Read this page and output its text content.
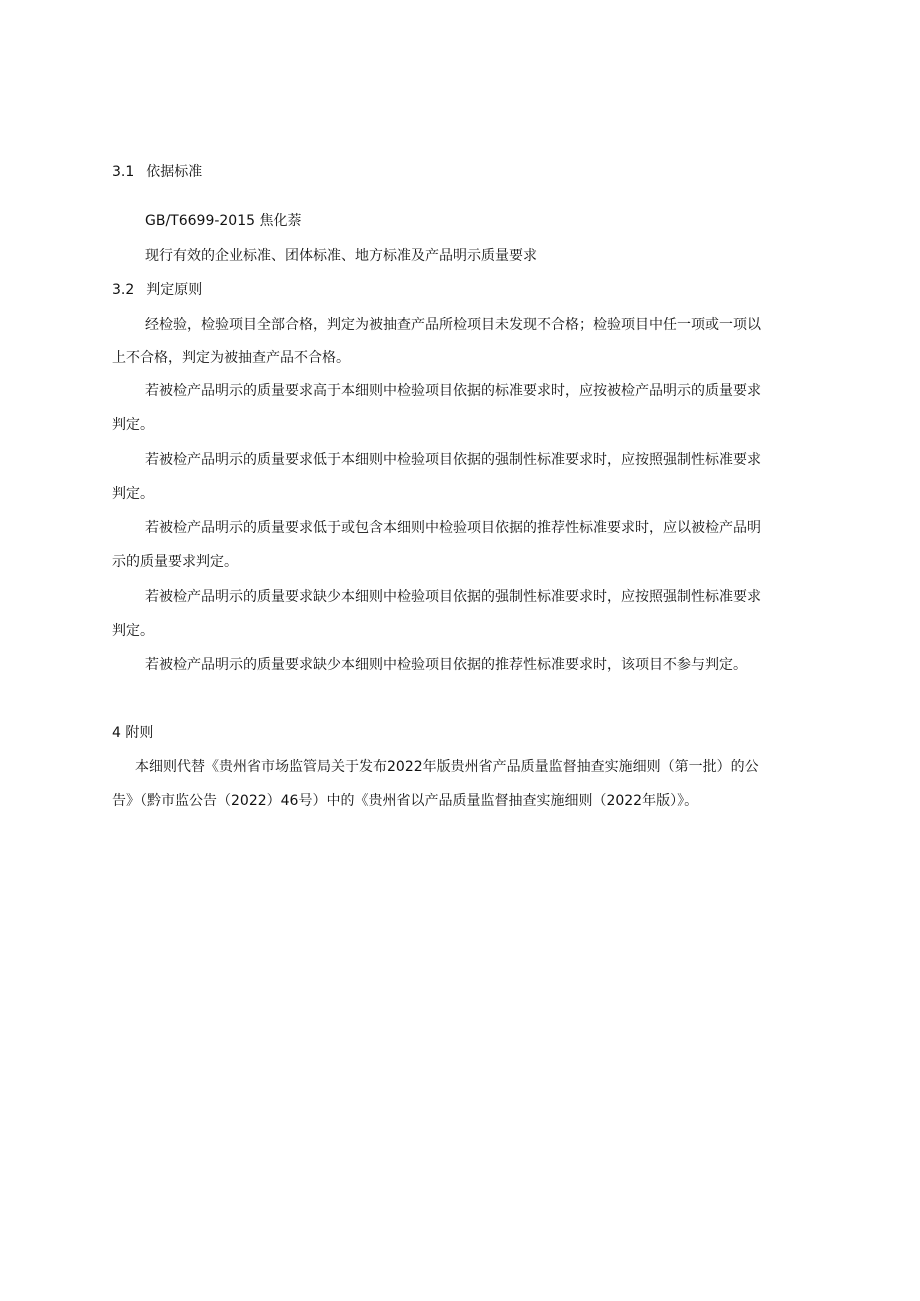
3.1 依据标准
GB/T6699-2015 焦化萘
现行有效的企业标准、团体标准、地方标准及产品明示质量要求
3.2 判定原则
经检验，检验项目全部合格，判定为被抽查产品所检项目未发现不合格；检验项目中任一项或一项以
上不合格，判定为被抽查产品不合格。
若被检产品明示的质量要求高于本细则中检验项目依据的标准要求时，应按被检产品明示的质量要求
判定。
若被检产品明示的质量要求低于本细则中检验项目依据的强制性标准要求时，应按照强制性标准要求
判定。
若被检产品明示的质量要求低于或包含本细则中检验项目依据的推荐性标准要求时，应以被检产品明
示的质量要求判定。
若被检产品明示的质量要求缺少本细则中检验项目依据的强制性标准要求时，应按照强制性标准要求
判定。
若被检产品明示的质量要求缺少本细则中检验项目依据的推荐性标准要求时，该项目不参与判定。
4 附则
本细则代替《贵州省市场监管局关于发布2022年版贵州省产品质量监督抽查实施细则（第一批）的公
告》（黔市监公告（2022）46号）中的《贵州省以产品质量监督抽查实施细则（2022年版）》。
